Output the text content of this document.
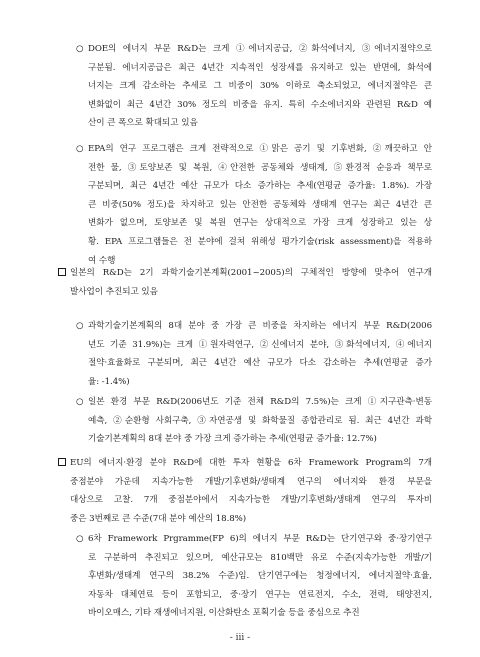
○ DOE의 에너지 부문 R&D는 크게 ①에너지공급, ②화석에너지, ③에너지절약으로
구분됨. 에너지공급은 최근 4년간 지속적인 성장세를 유지하고 있는 반면에, 화석에
너지는 크게 감소하는 추세로 그 비중이 30% 이하로 축소되었고, 에너지절약은 큰
변화없이 최근 4년간 30% 정도의 비중을 유지. 특히 수소에너지와 관련된 R&D 예
산이 큰 폭으로 확대되고 있음
○ EPA의 연구 프로그램은 크게 전략적으로 ①맑은 공기 및 기후변화, ②깨끗하고 안
전한 물, ③토양보존 및 복원, ④안전한 공동체와 생태계, ⑤환경적 순응과 책무로
구분되며, 최근 4년간 예산 규모가 다소 증가하는 추세(연평균 증가율: 1.8%). 가장
큰 비중(50% 정도)을 차지하고 있는 안전한 공동체와 생태계 연구는 최근 4년간 큰
변화가 없으며, 토양보존 및 복원 연구는 상대적으로 가장 크게 성장하고 있는 상
황. EPA 프로그램들은 전 분야에 걸쳐 위해성 평가기술(risk assessment)을 적용하
여 수행
일본의 R&D는 2기 과학기술기본계획(2001~2005)의 구체적인 방향에 맞추어 연구개
발사업이 추진되고 있음
○ 과학기술기본계획의 8대 분야 중 가장 큰 비중을 차지하는 에너지 부문 R&D(2006
년도 기준 31.9%)는 크게 ①원자력연구, ②신에너지 분야, ③화석에너지, ④에너지
절약·효율화로 구분되며, 최근 4년간 예산 규모가 다소 감소하는 추세(연평균 증가
율: -1.4%)
○ 일본 환경 부문 R&D(2006년도 기준 전체 R&D의 7.5%)는 크게 ①지구관측·변동
예측, ②순환형 사회구축, ③자연공생 및 화학물질 종합관리로 됨. 최근 4년간 과학
기술기본계획의 8대 분야 중 가장 크게 증가하는 추세(연평균 증가율: 12.7%)
EU의 에너지·환경 분야 R&D에 대한 투자 현황을 6차 Framework Program의 7개
중점분야 가운데 지속가능한 개발/기후변화/생태계 연구의 에너지와 환경 부문을
대상으로 고찰. 7개 중점분야에서 지속가능한 개발/기후변화/생태계 연구의 투자비
중은 3번째로 큰 수준(7대 분야 예산의 18.8%)
○ 6차 Framework Prgramme(FP 6)의 에너지 부문 R&D는 단기연구와 중·장기연구
로 구분하여 추진되고 있으며, 예산규모는 810백만 유로 수준(지속가능한 개발/기
후변화/생태계 연구의 38.2% 수준)임. 단기연구에는 청정에너지, 에너지절약·효율,
자동차 대체연료 등이 포함되고, 중·장기 연구는 연료전지, 수소, 전력, 태양전지,
바이오매스, 기타 재생에너지원, 이산화탄소 포획기술 등을 중심으로 추진
- iii -
